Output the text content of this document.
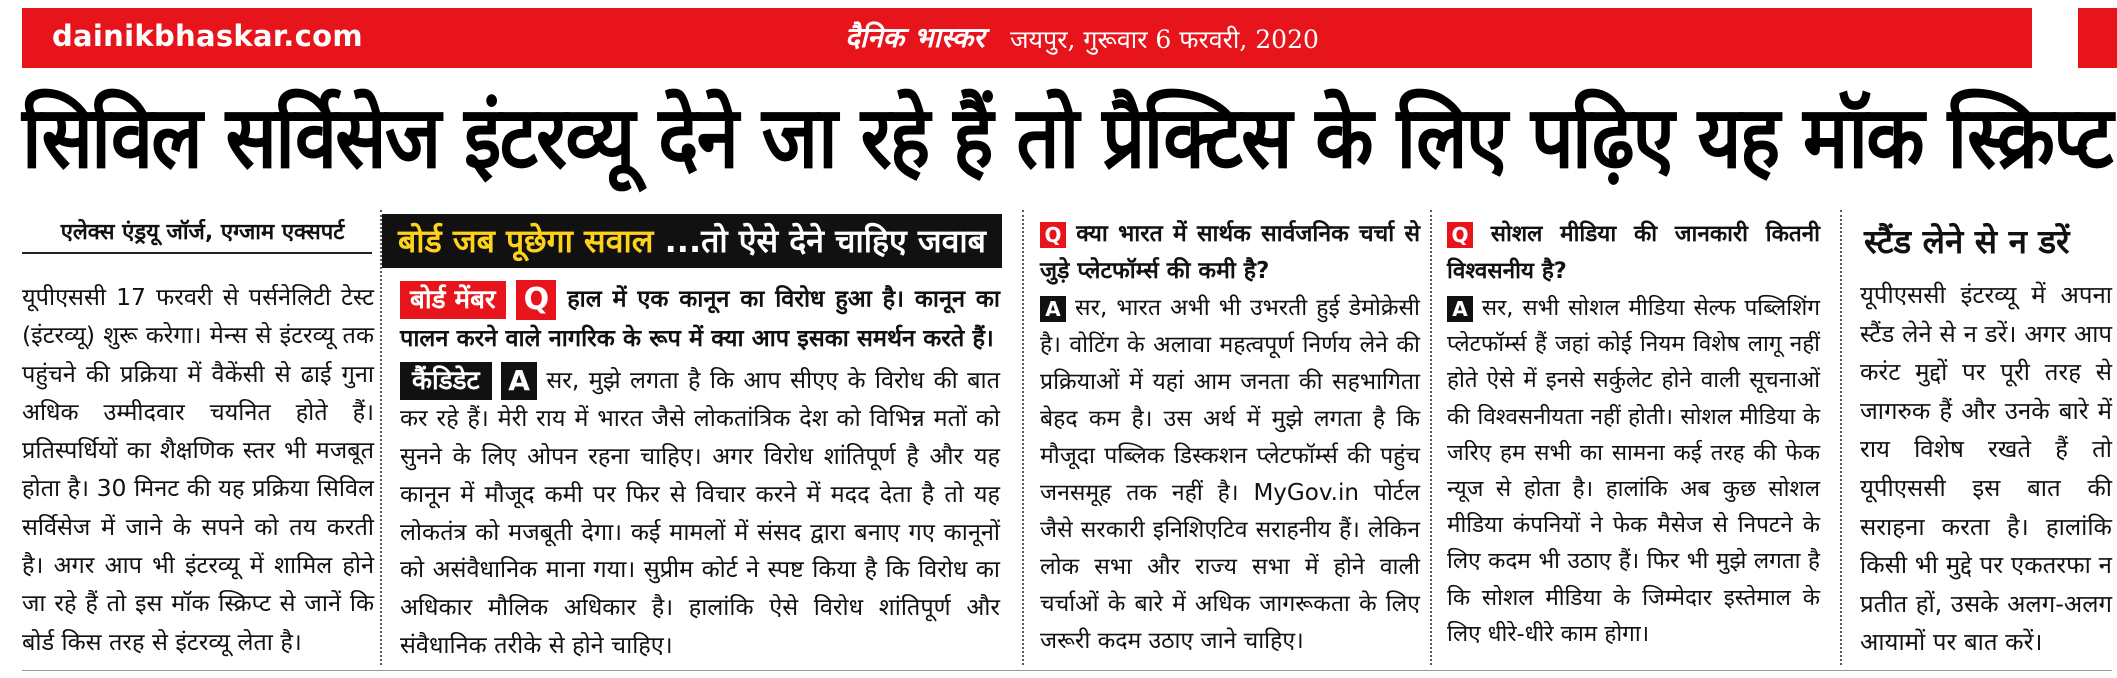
dainikbhaskar.com	दैनिक भास्कर जयपुर, गुरूवार 6 फरवरी, 2020
सिविल सर्विसेज इंटरव्यू देने जा रहे हैं तो प्रैक्टिस के लिए पढ़िए यह मॉक स्क्रिप्ट
एलेक्स एंड्रयू जॉर्ज, एग्जाम एक्सपर्ट
यूपीएससी 17 फरवरी से पर्सनेलिटी टेस्ट (इंटरव्यू) शुरू करेगा। मेन्स से इंटरव्यू तक पहुंचने की प्रक्रिया में वैकेंसी से ढाई गुना अधिक उम्मीदवार चयनित होते हैं। प्रतिस्पर्धियों का शैक्षणिक स्तर भी मजबूत होता है। 30 मिनट की यह प्रक्रिया सिविल सर्विसेज में जाने के सपने को तय करती है। अगर आप भी इंटरव्यू में शामिल होने जा रहे हैं तो इस मॉक स्क्रिप्ट से जानें कि बोर्ड किस तरह से इंटरव्यू लेता है।
बोर्ड जब पूछेगा सवाल ...तो ऐसे देने चाहिए जवाब
बोर्ड मेंबर Q हाल में एक कानून का विरोध हुआ है। कानून का पालन करने वाले नागरिक के रूप में क्या आप इसका समर्थन करते हैं।
कैंडिडेट A सर, मुझे लगता है कि आप सीएए के विरोध की बात कर रहे हैं। मेरी राय में भारत जैसे लोकतांत्रिक देश को विभिन्न मतों को सुनने के लिए ओपन रहना चाहिए। अगर विरोध शांतिपूर्ण है और यह कानून में मौजूद कमी पर फिर से विचार करने में मदद देता है तो यह लोकतंत्र को मजबूती देगा। कई मामलों में संसद द्वारा बनाए गए कानूनों को असंवैधानिक माना गया। सुप्रीम कोर्ट ने स्पष्ट किया है कि विरोध का अधिकार मौलिक अधिकार है। हालांकि ऐसे विरोध शांतिपूर्ण और संवैधानिक तरीके से होने चाहिए।
Q क्या भारत में सार्थक सार्वजनिक चर्चा से जुड़े प्लेटफॉर्म्स की कमी है?
A सर, भारत अभी भी उभरती हुई डेमोक्रेसी है। वोटिंग के अलावा महत्वपूर्ण निर्णय लेने की प्रक्रियाओं में यहां आम जनता की सहभागिता बेहद कम है। उस अर्थ में मुझे लगता है कि मौजूदा पब्लिक डिस्कशन प्लेटफॉर्म्स की पहुंच जनसमूह तक नहीं है। MyGov.in पोर्टल जैसे सरकारी इनिशिएटिव सराहनीय हैं। लेकिन लोक सभा और राज्य सभा में होने वाली चर्चाओं के बारे में अधिक जागरूकता के लिए जरूरी कदम उठाए जाने चाहिए।
Q सोशल मीडिया की जानकारी कितनी विश्वसनीय है?
A सर, सभी सोशल मीडिया सेल्फ पब्लिशिंग प्लेटफॉर्म्स हैं जहां कोई नियम विशेष लागू नहीं होते ऐसे में इनसे सर्कुलेट होने वाली सूचनाओं की विश्वसनीयता नहीं होती। सोशल मीडिया के जरिए हम सभी का सामना कई तरह की फेक न्यूज से होता है। हालांकि अब कुछ सोशल मीडिया कंपनियों ने फेक मैसेज से निपटने के लिए कदम भी उठाए हैं। फिर भी मुझे लगता है कि सोशल मीडिया के जिम्मेदार इस्तेमाल के लिए धीरे-धीरे काम होगा।
स्टैंड लेने से न डरें
यूपीएससी इंटरव्यू में अपना स्टैंड लेने से न डरें। अगर आप करंट मुद्दों पर पूरी तरह से जागरुक हैं और उनके बारे में राय विशेष रखते हैं तो यूपीएससी इस बात की सराहना करता है। हालांकि किसी भी मुद्दे पर एकतरफा न प्रतीत हों, उसके अलग-अलग आयामों पर बात करें।
